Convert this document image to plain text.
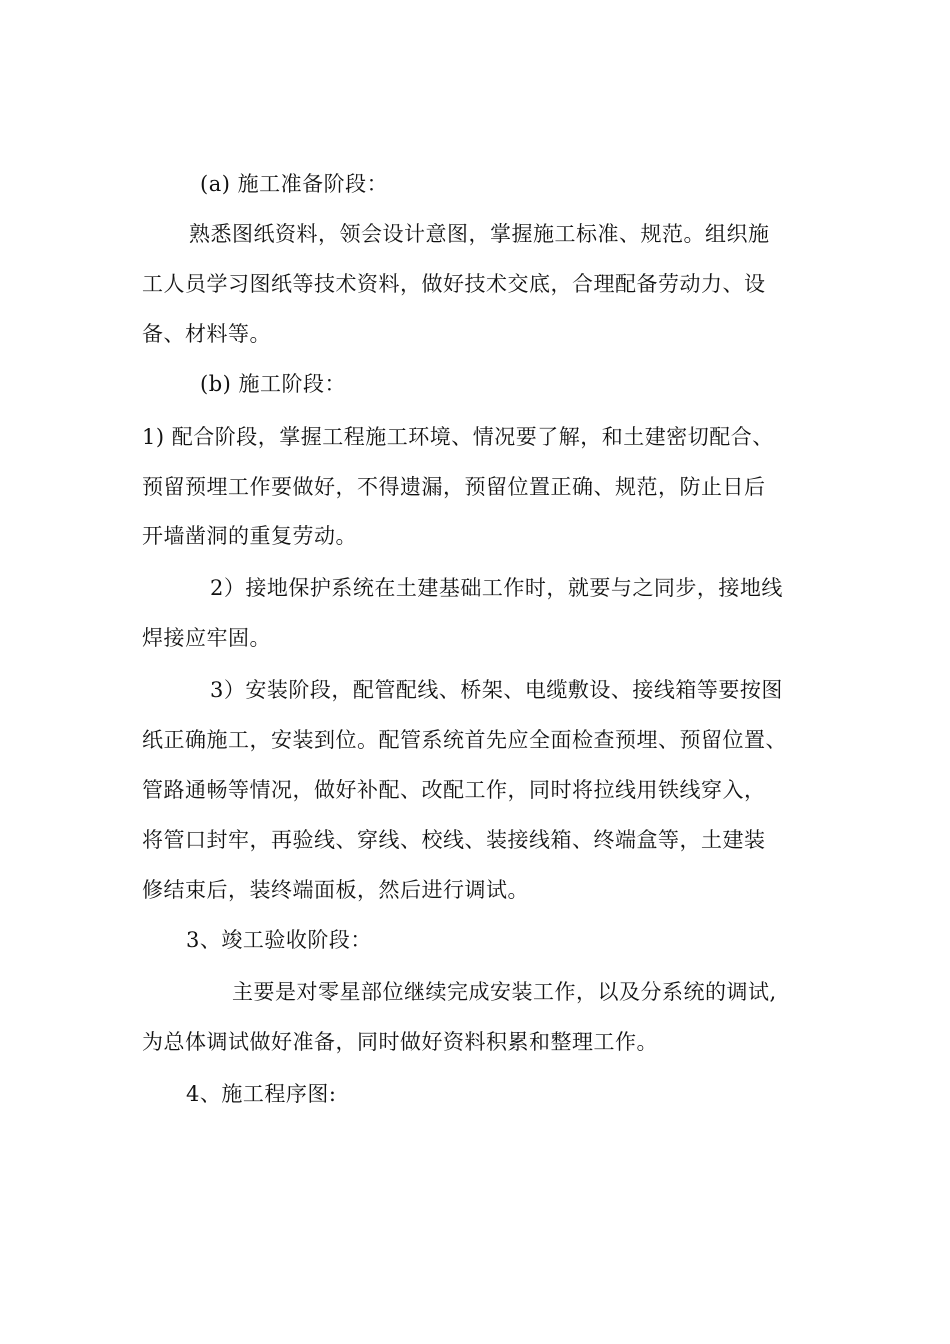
(a) 施工准备阶段：
熟悉图纸资料，领会设计意图，掌握施工标准、规范。组织施
工人员学习图纸等技术资料，做好技术交底，合理配备劳动力、设
备、材料等。
(b) 施工阶段：
1) 配合阶段，掌握工程施工环境、情况要了解，和土建密切配合、
预留预埋工作要做好，不得遗漏，预留位置正确、规范，防止日后
开墙凿洞的重复劳动。
2）接地保护系统在土建基础工作时，就要与之同步，接地线
焊接应牢固。
3）安装阶段，配管配线、桥架、电缆敷设、接线箱等要按图
纸正确施工，安装到位。配管系统首先应全面检查预埋、预留位置、
管路通畅等情况，做好补配、改配工作，同时将拉线用铁线穿入，
将管口封牢，再验线、穿线、校线、装接线箱、终端盒等，土建装
修结束后，装终端面板，然后进行调试。
3、竣工验收阶段：
主要是对零星部位继续完成安装工作，以及分系统的调试,
为总体调试做好准备，同时做好资料积累和整理工作。
4、施工程序图:
